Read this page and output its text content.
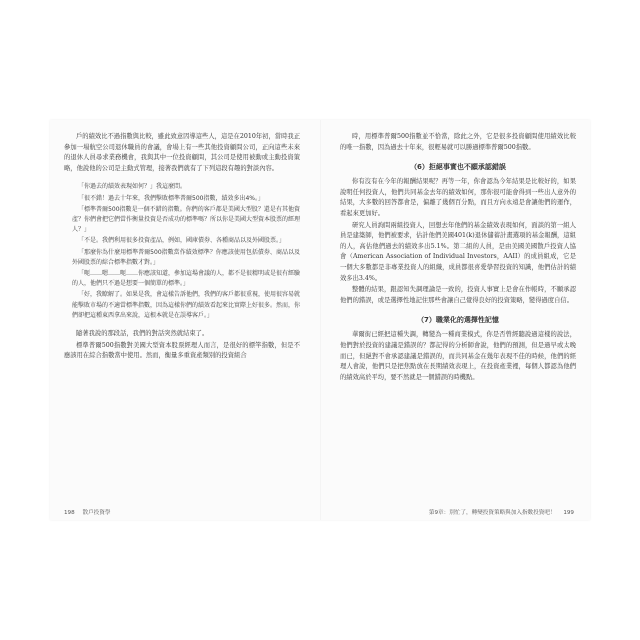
戶的績效比不過指數與比較，雖此致意因導這些人，這是在2010年初，當時我正參加一場航空公司退休職員的會議，會場上有一些其他投資顧問公司，正向這些未來的退休人員尋求業務機會，我與其中一位投資顧問，其公司是使用被動或主動投資策略，他說他的公司是主動式管理，接著我們就有了下列這段有趣的對談內容。

「你過去的績效表現如何？」我這麼問。

「很不錯！過去十年來，我們擊敗標準普爾500指數，績效多出4%。」

「標準普爾500指數是一個不錯的指數。你們的客戶都是美國大型股？還是有其他資產？你們會把它們當作衡量投資是否成功的標準嗎？所以你是美國大型資本股票的經理人？」

「不是。我們利用很多投資產品，例如，國庫債券、各種商品以及外國股票。」

「那麼你為什麼用標準普爾500指數當作績效標準？你應該使用包括債券、商品以及外國股票的綜合標準指數才對。」

「呃……嗯……呃……你應該知道，參加這場會議的人，都不是很精明或是很有經驗的人，他們只不過是想要一個簡單的標準。」

「好，我瞭解了。如果是我，會這樣告訴他們，我們的客戶都很重視，使用很容易就能擊敗市場的不適當標準指數，因為這樣你們的績效看起來比實際上好很多。然而，你們卻把這種東西拿出來說，這根本就是在誤導客戶。」

隨著我說的那段話，我們的對話突然就結束了。

標準普爾500指數對美國大型資本股票經理人而言，是很好的標竿指數，但是不應該用在綜合指數當中使用。然而，衡量多重資產類別的投資組合

時，用標準普爾500指數並不恰當，除此之外，它是很多投資顧問使用績效比較的唯一指數，因為過去十年來，很輕易就可以勝過標準普爾500指數。

（6）拒絕事實也不願承認錯誤

你有沒有在今年的報酬結果呢？再等一年，你會認為今年結果是比較好的，如果說明任何投資人，他們共同基金去年的績效如何，那你很可能會得到一些出人意外的結果，大多數的回答都會是，偏離了幾個百分點，而且方向永遠是會讓他們的運作，看起來更加好。

研究人員詢問兩組投資人，回想去年他們的基金績效表現如何，面談的第一組人員是建築師，他們被要求，估計他們美國401(k)退休儲蓄計畫選項的基金報酬，這組的人，高估他們過去的績效多出5.1%。第二組的人員，是由美國美國散戶投資人協會（American Association of Individual Investors，AAII）的成員組成，它是一個大多數都是非專業投資人的組織，成員都很喜愛學習投資的知識，他們估計的績效多出3.4%。

整體的結果，跟認知失調理論是一致的，投資人事實上是會在作帳時，不願承認他們的錯誤，或是選擇性地記住那些會讓自己覺得良好的投資策略，變得過度自信。

（7）職業化的選擇性記憶

華爾街已經把這種失調，轉變為一種商業模式，你是否曾經聽說過這樣的說法，他們對於投資的建議是錯誤的？都記得的分析師會說，他們的預測，但是過早或太晚而已，但絕對不會承認建議是錯誤的，而共同基金在幾年表現不佳的時候，他們的經理人會說，他們只是把焦點放在長期績效表現上，在投資產業裡，每個人都認為他們的績效高於平均，要不然就是一個錯誤的時機點。

198 散戶投資學	第9章：別忙了，轉變投資策略與加入指數投資吧！ 199
